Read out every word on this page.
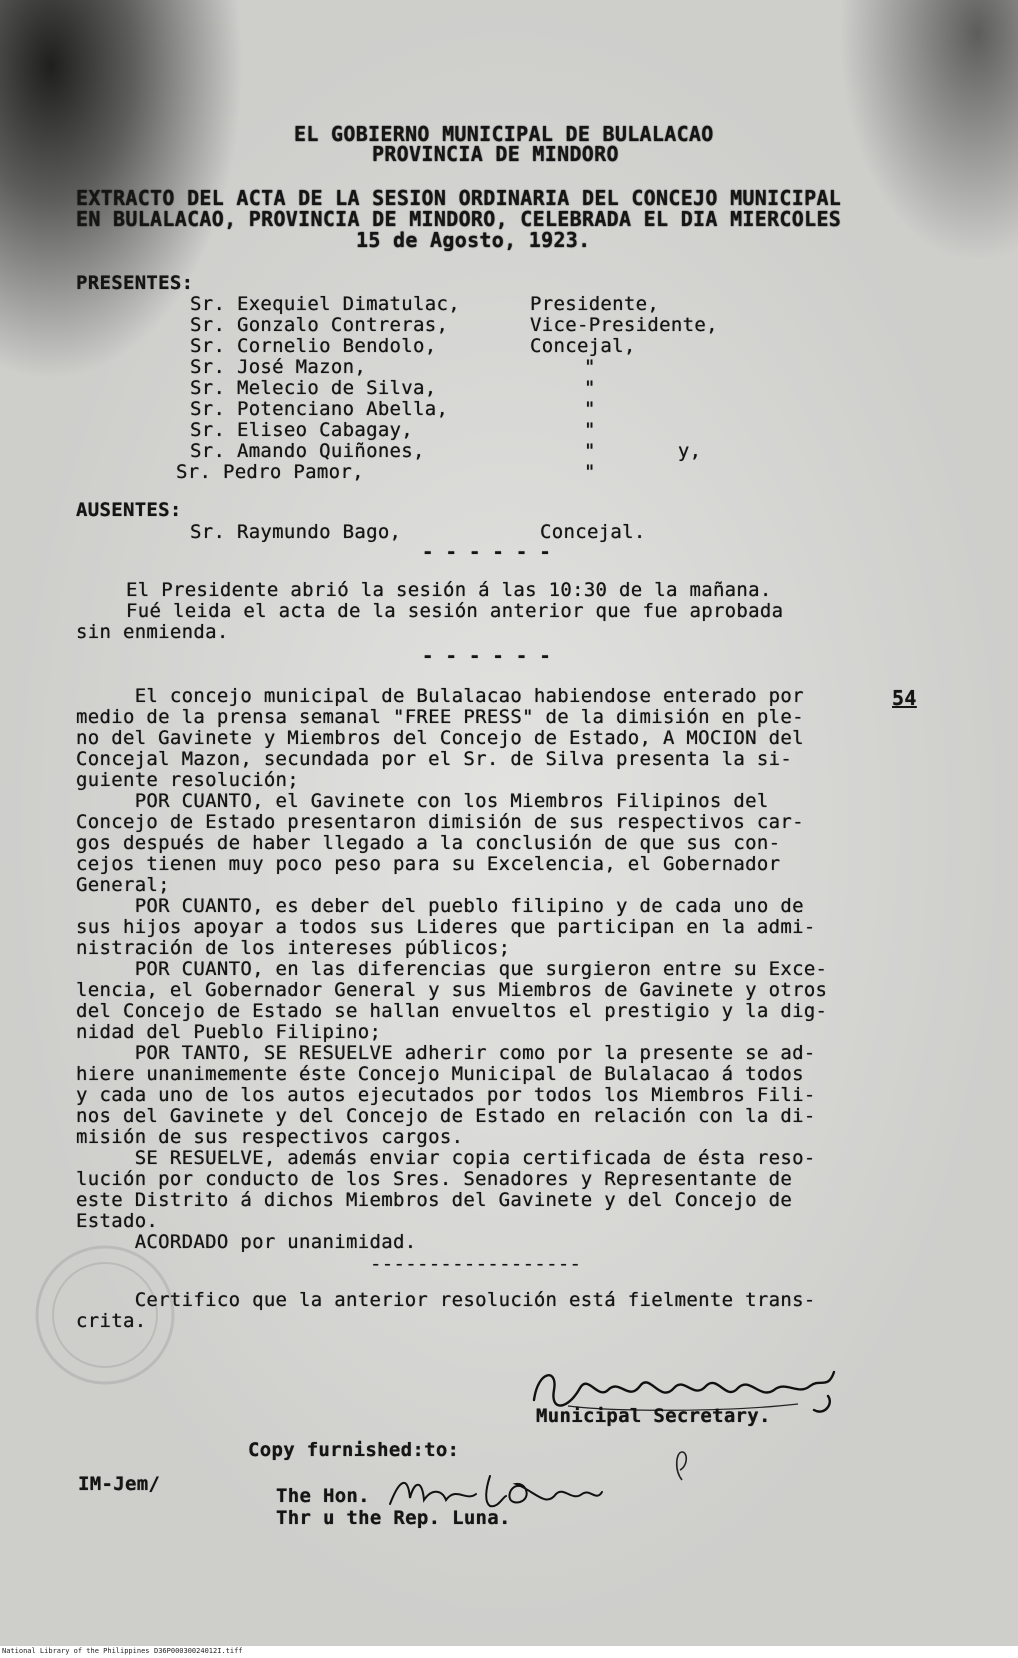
EL GOBIERNO MUNICIPAL DE BULALACAO
PROVINCIA DE MINDORO
EXTRACTO DEL ACTA DE LA SESION ORDINARIA DEL CONCEJO MUNICIPAL
EN BULALACAO, PROVINCIA DE MINDORO, CELEBRADA EL DIA MIERCOLES
15 de Agosto, 1923.
PRESENTES:
Sr. Exequiel Dimatulac,	Presidente,
Sr. Gonzalo Contreras,	Vice-Presidente,
Sr. Cornelio Bendolo,	Concejal,
Sr. José Mazon,	"
Sr. Melecio de Silva,	"
Sr. Potenciano Abella,	"
Sr. Eliseo Cabagay,	"
Sr. Amando Quiñones,	"       y,
Sr. Pedro Pamor,	"
AUSENTES:
Sr. Raymundo Bago,	Concejal.
- - - - - -
El Presidente abrió la sesión á las 10:30 de la mañana.
Fué leida el acta de la sesión anterior que fue aprobada
sin enmienda.
- - - - - -
54
El concejo municipal de Bulalacao habiendose enterado por
medio de la prensa semanal "FREE PRESS" de la dimisión en ple-
no del Gavinete y Miembros del Concejo de Estado, A MOCION del
Concejal Mazon, secundada por el Sr. de Silva presenta la si-
guiente resolución;
POR CUANTO, el Gavinete con los Miembros Filipinos del
Concejo de Estado presentaron dimisión de sus respectivos car-
gos después de haber llegado a la conclusión de que sus con-
cejos tienen muy poco peso para su Excelencia, el Gobernador
General;
POR CUANTO, es deber del pueblo filipino y de cada uno de
sus hijos apoyar a todos sus Lideres que participan en la admi-
nistración de los intereses públicos;
POR CUANTO, en las diferencias que surgieron entre su Exce-
lencia, el Gobernador General y sus Miembros de Gavinete y otros
del Concejo de Estado se hallan envueltos el prestigio y la dig-
nidad del Pueblo Filipino;
POR TANTO, SE RESUELVE adherir como por la presente se ad-
hiere unanimemente éste Concejo Municipal de Bulalacao á todos
y cada uno de los autos ejecutados por todos los Miembros Fili-
nos del Gavinete y del Concejo de Estado en relación con la di-
misión de sus respectivos cargos.
SE RESUELVE, además enviar copia certificada de ésta reso-
lución por conducto de los Sres. Senadores y Representante de
este Distrito á dichos Miembros del Gavinete y del Concejo de
Estado.
ACORDADO por unanimidad.
------------------
Certifico que la anterior resolución está fielmente trans-
crita.
Municipal Secretary.
Copy furnished:to:
IM-Jem/
The Hon.
Thr u the Rep. Luna.
National Library of the Philippines D36P00030024012I.tiff
